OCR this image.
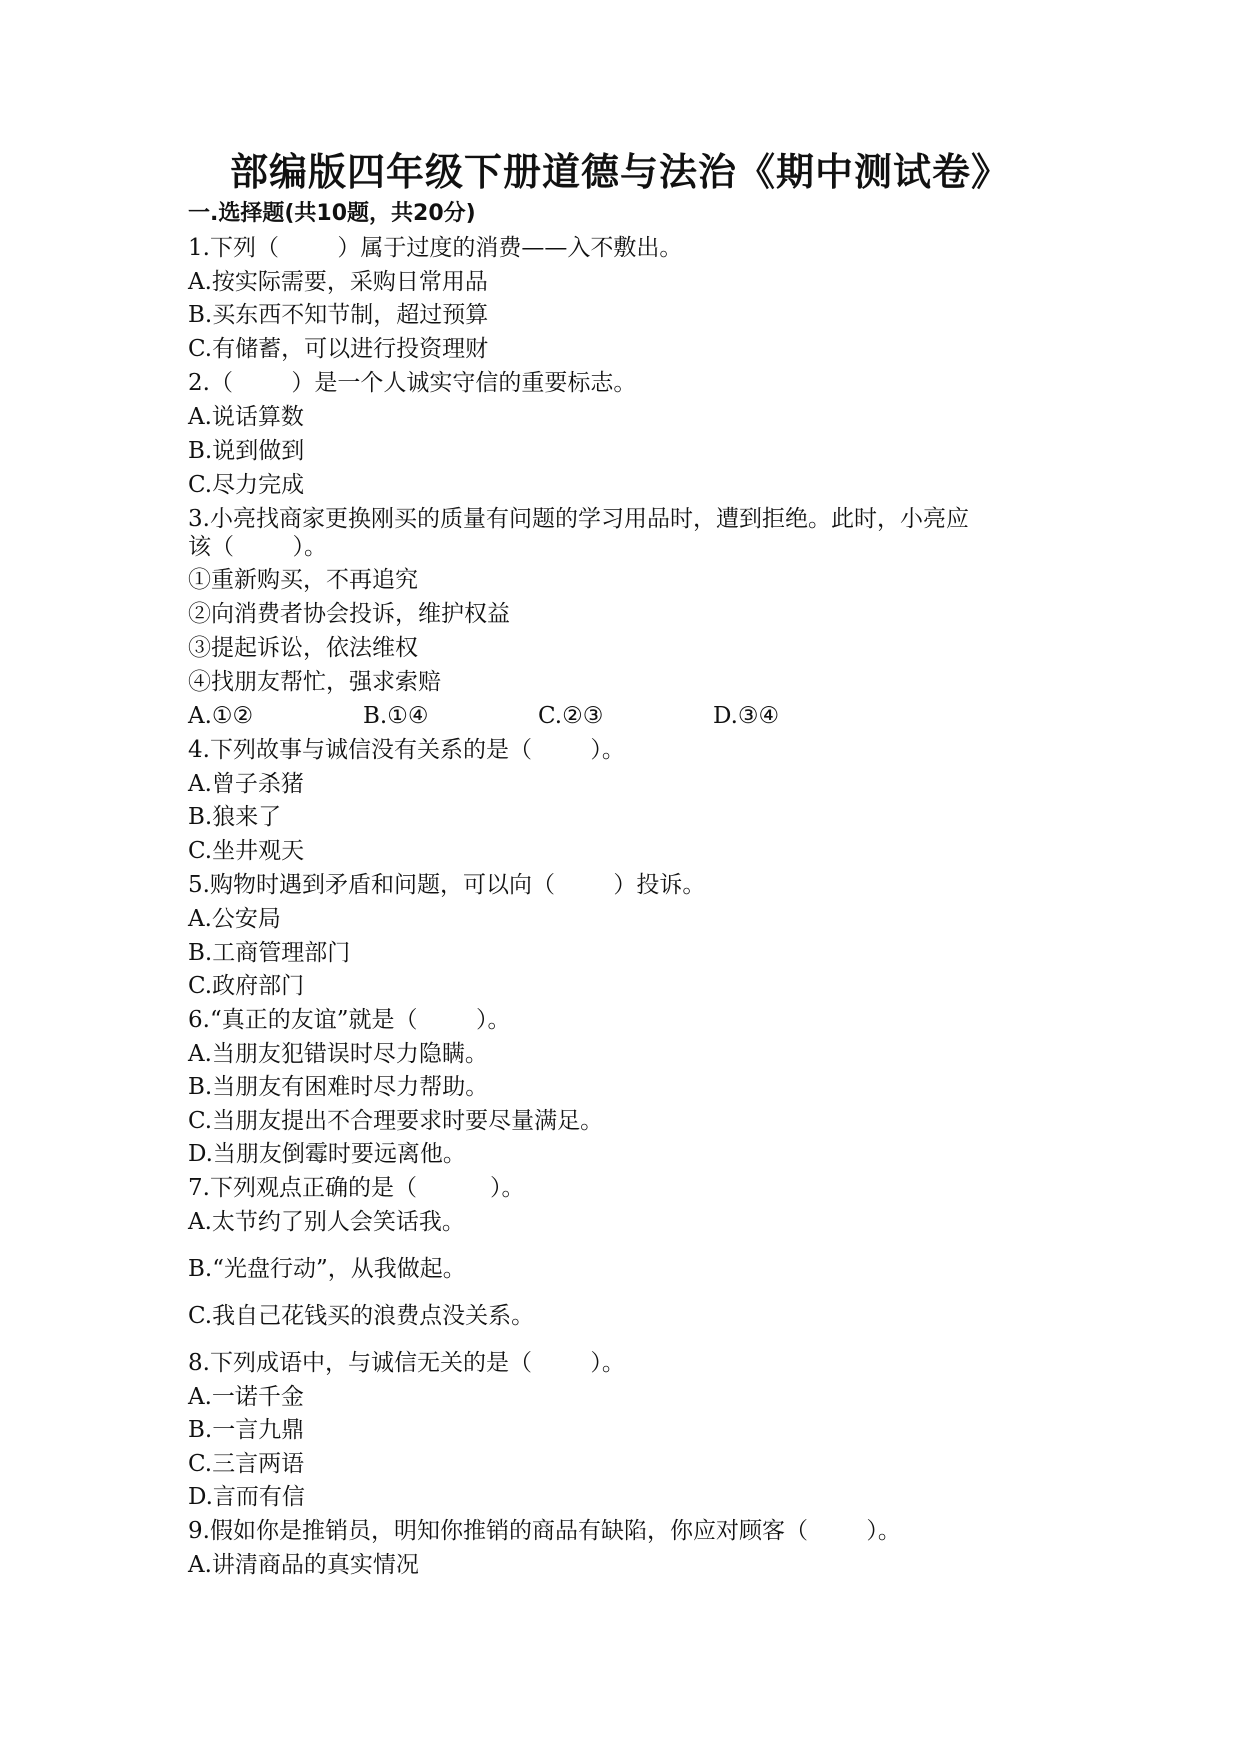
部编版四年级下册道德与法治《期中测试卷》
一.选择题(共10题，共20分)
1.下列（        ）属于过度的消费——入不敷出。
A.按实际需要，采购日常用品
B.买东西不知节制，超过预算
C.有储蓄，可以进行投资理财
2.（        ）是一个人诚实守信的重要标志。
A.说话算数
B.说到做到
C.尽力完成
3.小亮找商家更换刚买的质量有问题的学习用品时，遭到拒绝。此时，小亮应
该（        ）。
①重新购买，不再追究
②向消费者协会投诉，维护权益
③提起诉讼，依法维权
④找朋友帮忙，强求索赔

A.①②

	B.①④

	C.②③

	D.③④

4.下列故事与诚信没有关系的是（        ）。
A.曾子杀猪
B.狼来了
C.坐井观天
5.购物时遇到矛盾和问题，可以向（        ）投诉。
A.公安局
B.工商管理部门
C.政府部门
6.“真正的友谊”就是（        ）。
A.当朋友犯错误时尽力隐瞒。
B.当朋友有困难时尽力帮助。
C.当朋友提出不合理要求时要尽量满足。
D.当朋友倒霉时要远离他。
7.下列观点正确的是（          ）。
A.太节约了别人会笑话我。
B.“光盘行动”，从我做起。
C.我自己花钱买的浪费点没关系。
8.下列成语中，与诚信无关的是（        ）。
A.一诺千金
B.一言九鼎
C.三言两语
D.言而有信
9.假如你是推销员，明知你推销的商品有缺陷，你应对顾客（        ）。
A.讲清商品的真实情况
